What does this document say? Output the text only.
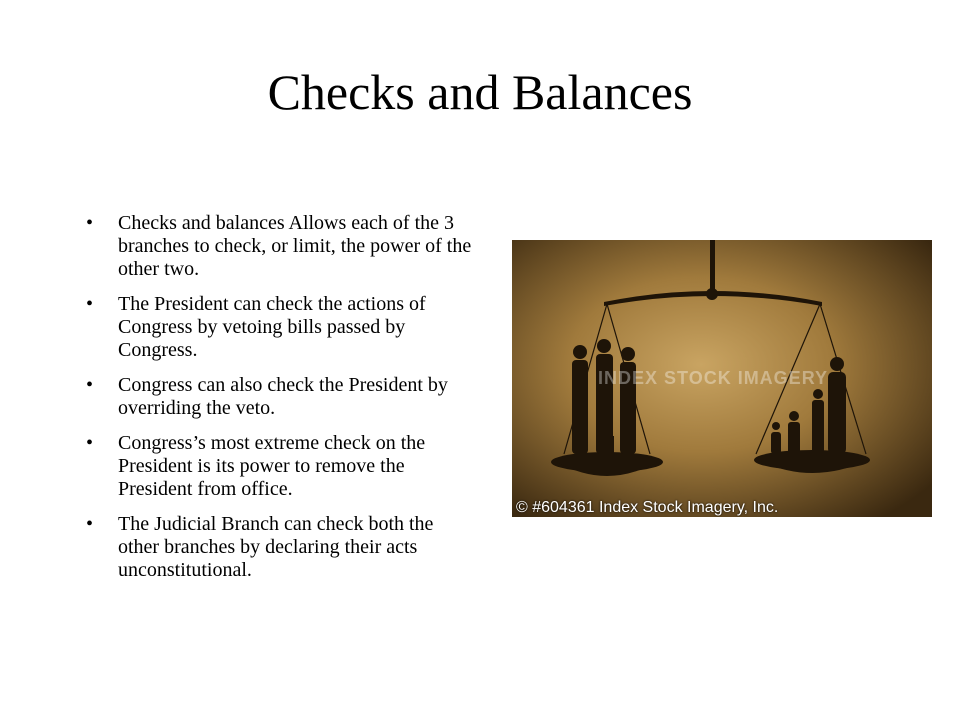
Checks and Balances
• Checks and balances Allows each of the 3 branches to check, or limit, the power of the other two.
• The President can check the actions of Congress by vetoing bills passed by Congress.
• Congress can also check the President by overriding the veto.
• Congress’s most extreme check on the President is its power to remove the President from office.
• The Judicial Branch can check both the other branches by declaring their acts unconstitutional.
INDEX STOCK IMAGERY
© #604361 Index Stock Imagery, Inc.
